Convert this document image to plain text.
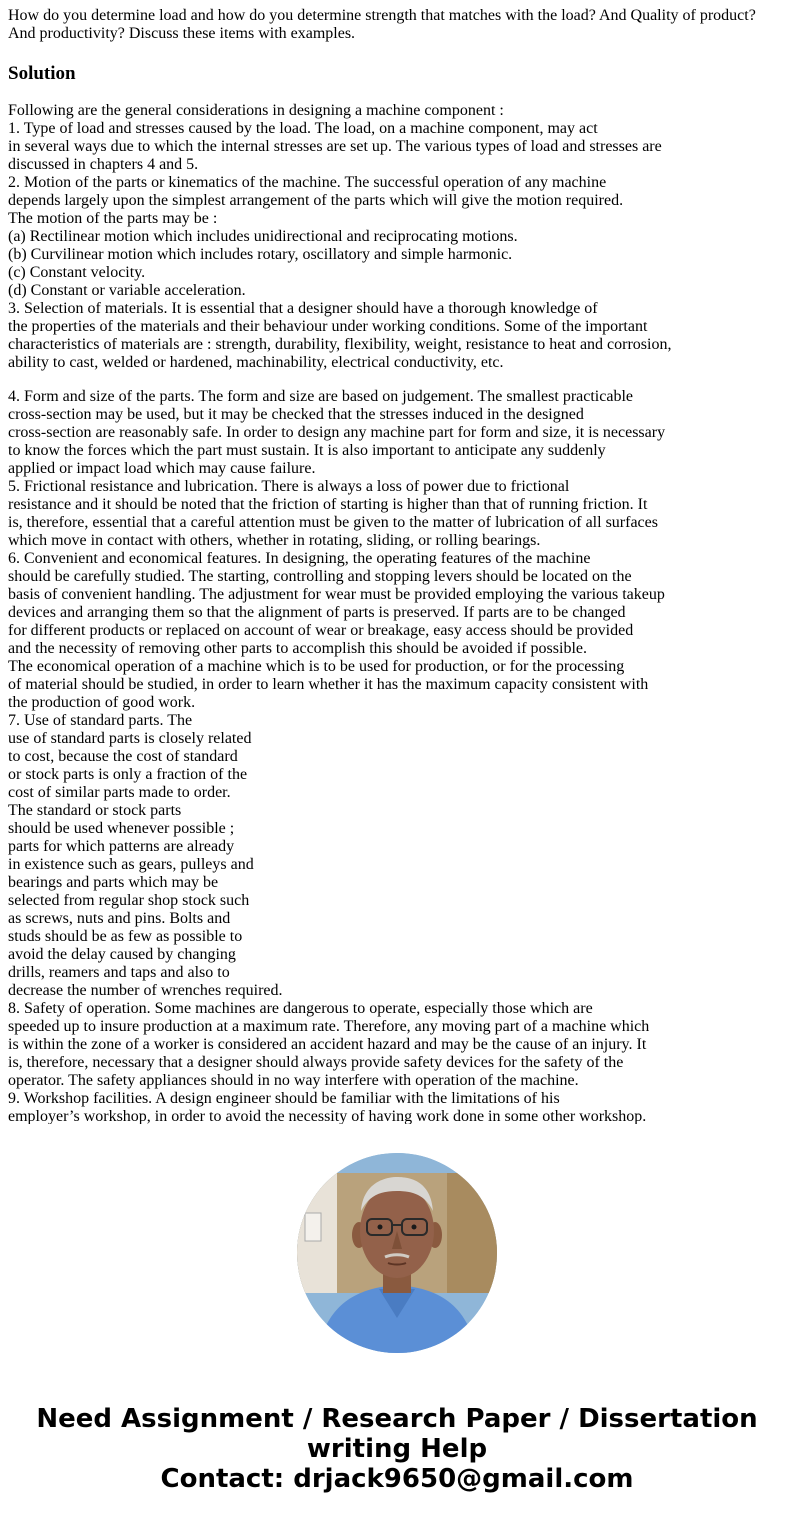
How do you determine load and how do you determine strength that matches with the load? And Quality of product?
And productivity? Discuss these items with examples.
Solution
Following are the general considerations in designing a machine component :
1. Type of load and stresses caused by the load. The load, on a machine component, may act
in several ways due to which the internal stresses are set up. The various types of load and stresses are
discussed in chapters 4 and 5.
2. Motion of the parts or kinematics of the machine. The successful operation of any machine
depends largely upon the simplest arrangement of the parts which will give the motion required.
The motion of the parts may be :
(a) Rectilinear motion which includes unidirectional and reciprocating motions.
(b) Curvilinear motion which includes rotary, oscillatory and simple harmonic.
(c) Constant velocity.
(d) Constant or variable acceleration.
3. Selection of materials. It is essential that a designer should have a thorough knowledge of
the properties of the materials and their behaviour under working conditions. Some of the important
characteristics of materials are : strength, durability, flexibility, weight, resistance to heat and corrosion,
ability to cast, welded or hardened, machinability, electrical conductivity, etc.
4. Form and size of the parts. The form and size are based on judgement. The smallest practicable
cross-section may be used, but it may be checked that the stresses induced in the designed
cross-section are reasonably safe. In order to design any machine part for form and size, it is necessary
to know the forces which the part must sustain. It is also important to anticipate any suddenly
applied or impact load which may cause failure.
5. Frictional resistance and lubrication. There is always a loss of power due to frictional
resistance and it should be noted that the friction of starting is higher than that of running friction. It
is, therefore, essential that a careful attention must be given to the matter of lubrication of all surfaces
which move in contact with others, whether in rotating, sliding, or rolling bearings.
6. Convenient and economical features. In designing, the operating features of the machine
should be carefully studied. The starting, controlling and stopping levers should be located on the
basis of convenient handling. The adjustment for wear must be provided employing the various takeup
devices and arranging them so that the alignment of parts is preserved. If parts are to be changed
for different products or replaced on account of wear or breakage, easy access should be provided
and the necessity of removing other parts to accomplish this should be avoided if possible.
The economical operation of a machine which is to be used for production, or for the processing
of material should be studied, in order to learn whether it has the maximum capacity consistent with
the production of good work.
7. Use of standard parts. The
use of standard parts is closely related
to cost, because the cost of standard
or stock parts is only a fraction of the
cost of similar parts made to order.
The standard or stock parts
should be used whenever possible ;
parts for which patterns are already
in existence such as gears, pulleys and
bearings and parts which may be
selected from regular shop stock such
as screws, nuts and pins. Bolts and
studs should be as few as possible to
avoid the delay caused by changing
drills, reamers and taps and also to
decrease the number of wrenches required.
8. Safety of operation. Some machines are dangerous to operate, especially those which are
speeded up to insure production at a maximum rate. Therefore, any moving part of a machine which
is within the zone of a worker is considered an accident hazard and may be the cause of an injury. It
is, therefore, necessary that a designer should always provide safety devices for the safety of the
operator. The safety appliances should in no way interfere with operation of the machine.
9. Workshop facilities. A design engineer should be familiar with the limitations of his
employer’s workshop, in order to avoid the necessity of having work done in some other workshop.
Need Assignment / Research Paper / Dissertation
writing Help
Contact: drjack9650@gmail.com
